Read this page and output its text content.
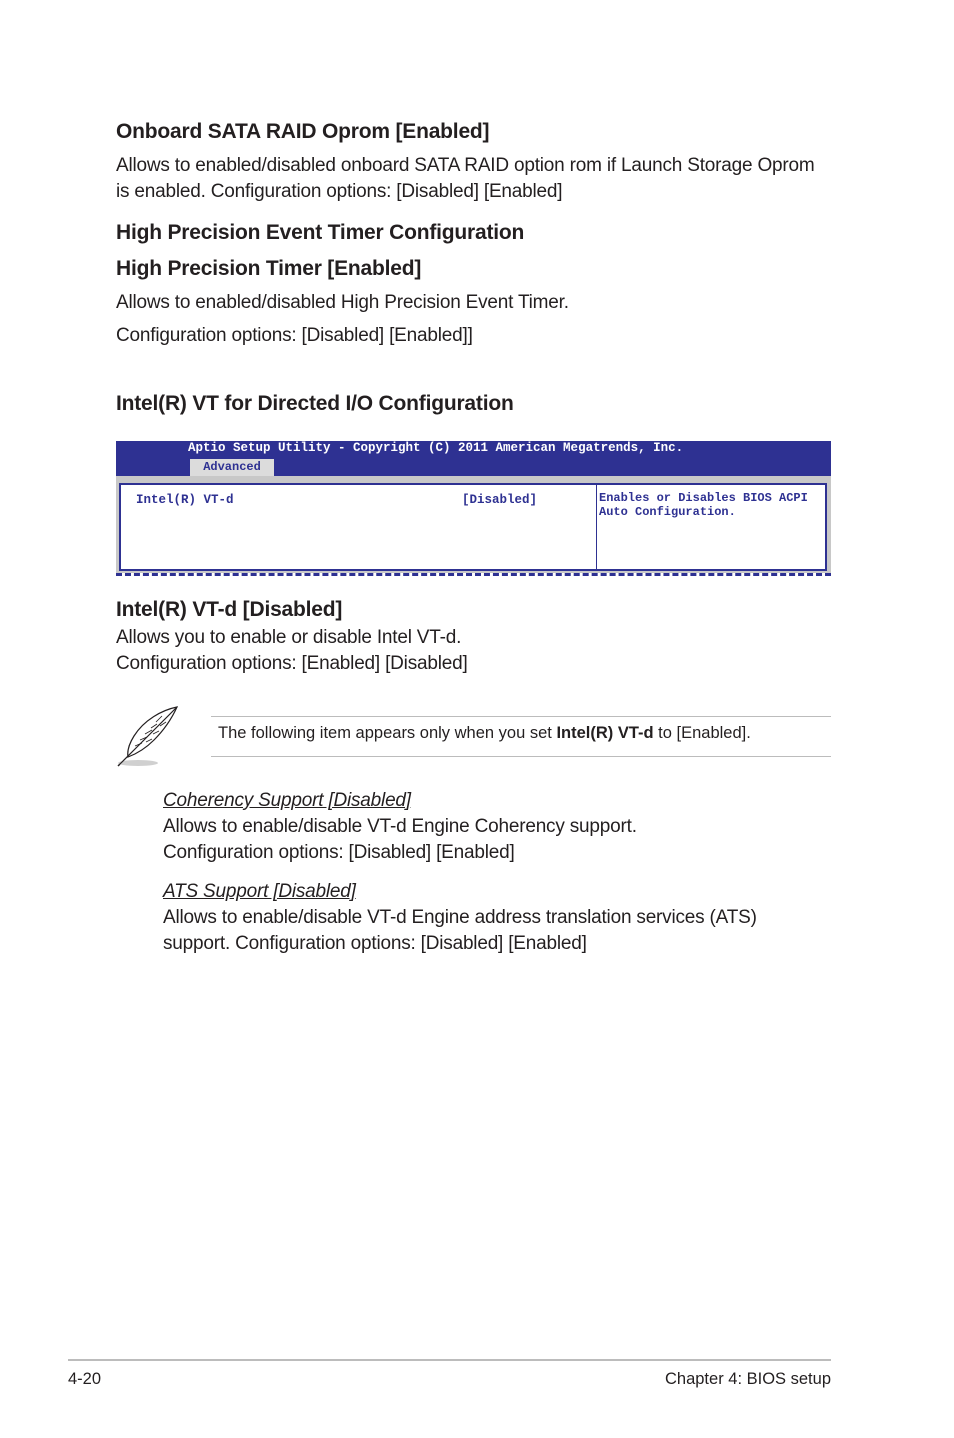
Onboard SATA RAID Oprom [Enabled]
Allows to enabled/disabled onboard SATA RAID option rom if Launch Storage Oprom
is enabled. Configuration options: [Disabled] [Enabled]
High Precision Event Timer Configuration
High Precision Timer [Enabled]
Allows to enabled/disabled High Precision Event Timer.
Configuration options: [Disabled] [Enabled]]
Intel(R) VT for Directed I/O Configuration
Aptio Setup Utility - Copyright (C) 2011 American Megatrends, Inc.
Advanced
Intel(R) VT-d	[Disabled]	Enables or Disables BIOS ACPI
Auto Configuration.
Intel(R) VT-d [Disabled]
Allows you to enable or disable Intel VT-d.
Configuration options: [Enabled] [Disabled]
The following item appears only when you set Intel(R) VT-d to [Enabled].
Coherency Support [Disabled]
Allows to enable/disable VT-d Engine Coherency support.
Configuration options: [Disabled] [Enabled]
ATS Support [Disabled]
Allows to enable/disable VT-d Engine address translation services (ATS)
support. Configuration options: [Disabled] [Enabled]
4-20	Chapter 4: BIOS setup
